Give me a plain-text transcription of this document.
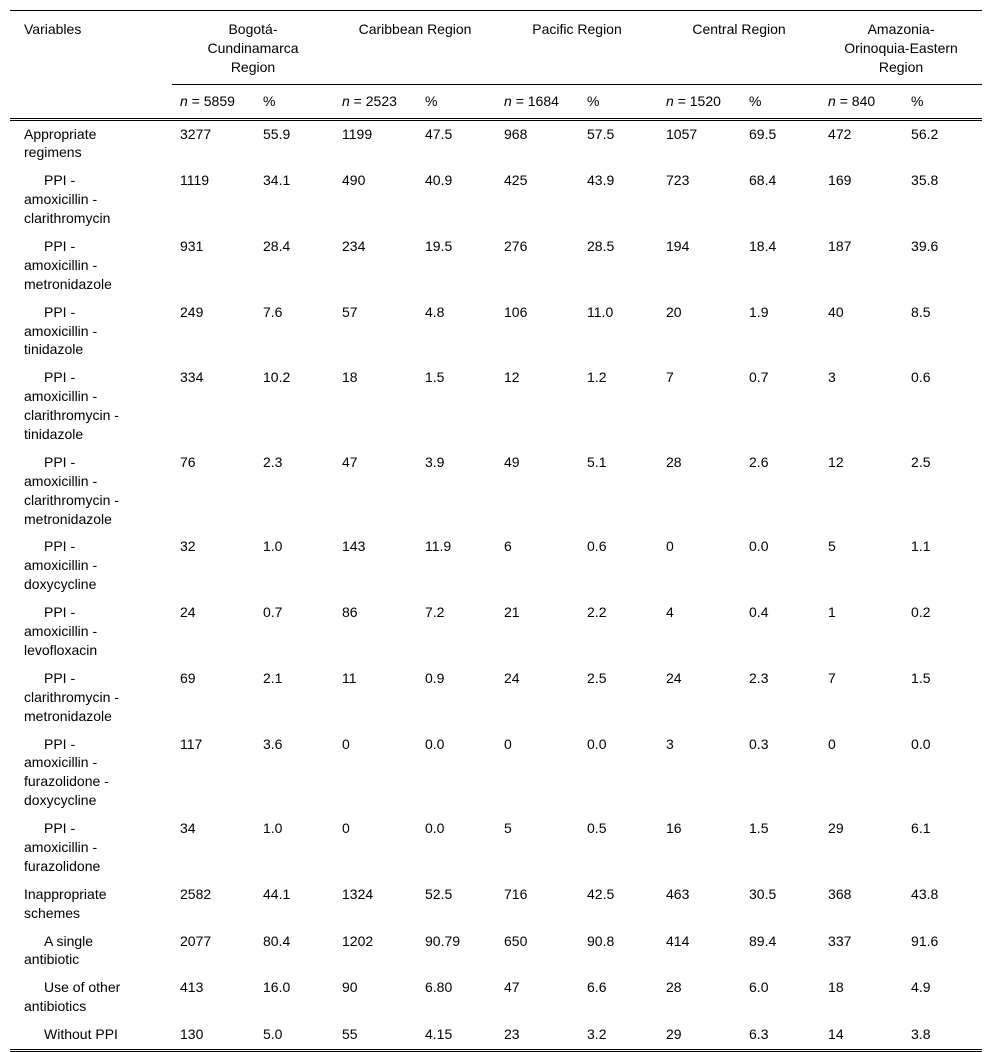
Variables	Bogotá-Cundinamarca Region		Caribbean Region		Pacific Region		Central Region		Amazonia-Orinoquia-Eastern Region	
	n = 5859	%	n = 2523	%	n = 1684	%	n = 1520	%	n = 840	%
Appropriate regimens	3277	55.9	1199	47.5	968	57.5	1057	69.5	472	56.2
PPI - amoxicillin - clarithromycin	1119	34.1	490	40.9	425	43.9	723	68.4	169	35.8
PPI - amoxicillin - metronidazole	931	28.4	234	19.5	276	28.5	194	18.4	187	39.6
PPI - amoxicillin - tinidazole	249	7.6	57	4.8	106	11.0	20	1.9	40	8.5
PPI - amoxicillin - clarithromycin - tinidazole	334	10.2	18	1.5	12	1.2	7	0.7	3	0.6
PPI - amoxicillin - clarithromycin - metronidazole	76	2.3	47	3.9	49	5.1	28	2.6	12	2.5
PPI - amoxicillin - doxycycline	32	1.0	143	11.9	6	0.6	0	0.0	5	1.1
PPI - amoxicillin - levofloxacin	24	0.7	86	7.2	21	2.2	4	0.4	1	0.2
PPI - clarithromycin - metronidazole	69	2.1	11	0.9	24	2.5	24	2.3	7	1.5
PPI - amoxicillin - furazolidone - doxycycline	117	3.6	0	0.0	0	0.0	3	0.3	0	0.0
PPI - amoxicillin - furazolidone	34	1.0	0	0.0	5	0.5	16	1.5	29	6.1
Inappropriate schemes	2582	44.1	1324	52.5	716	42.5	463	30.5	368	43.8
A single antibiotic	2077	80.4	1202	90.79	650	90.8	414	89.4	337	91.6
Use of other antibiotics	413	16.0	90	6.80	47	6.6	28	6.0	18	4.9
Without PPI	130	5.0	55	4.15	23	3.2	29	6.3	14	3.8
